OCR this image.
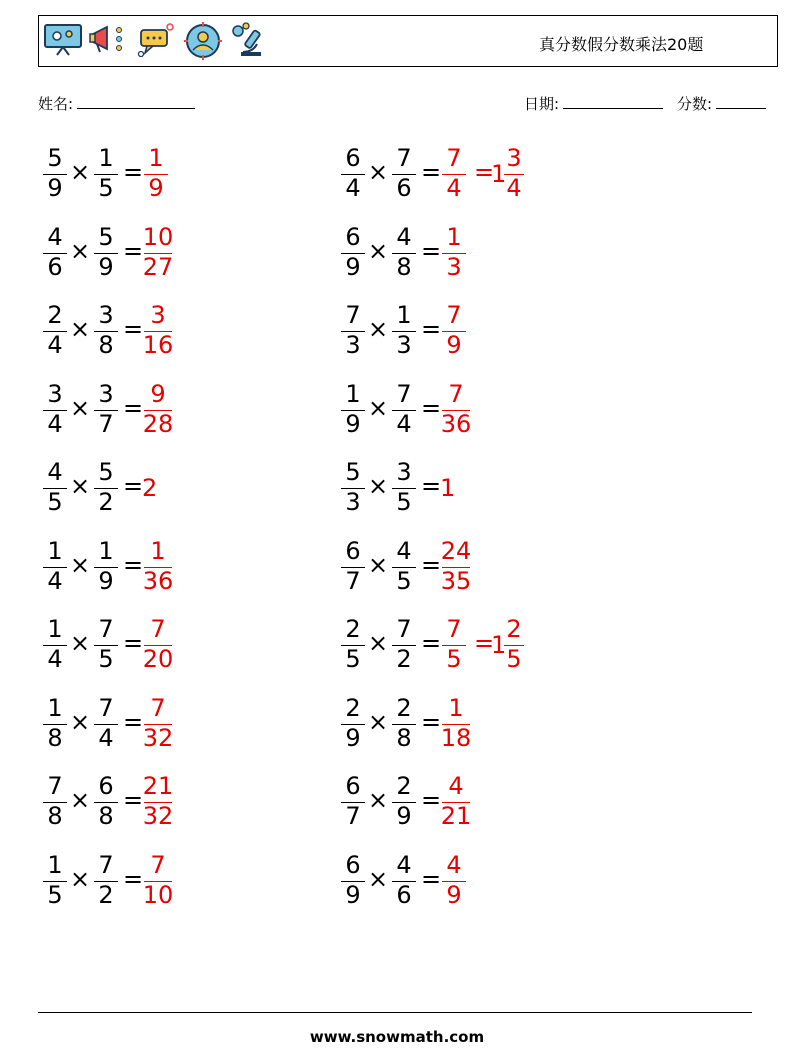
真分数假分数乘法20题
姓名:	日期:	分数:
5
9
× 1
5
= 1
9
6
4
× 7
6
= 7
4
=
1
3
4
4
6
× 5
9
= 10
27
6
9
× 4
8
= 1
3
2
4
× 3
8
= 3
16
7
3
× 1
3
= 7
9
3
4
× 3
7
= 9
28
1
9
× 7
4
= 7
36
4
5
× 5
2
=
2
5
3
× 3
5
=
1
1
4
× 1
9
= 1
36
6
7
× 4
5
= 24
35
1
4
× 7
5
= 7
20
2
5
× 7
2
= 7
5
=
1
2
5
1
8
× 7
4
= 7
32
2
9
× 2
8
= 1
18
7
8
× 6
8
= 21
32
6
7
× 2
9
= 4
21
1
5
× 7
2
= 7
10
6
9
× 4
6
= 4
9
www.snowmath.com
